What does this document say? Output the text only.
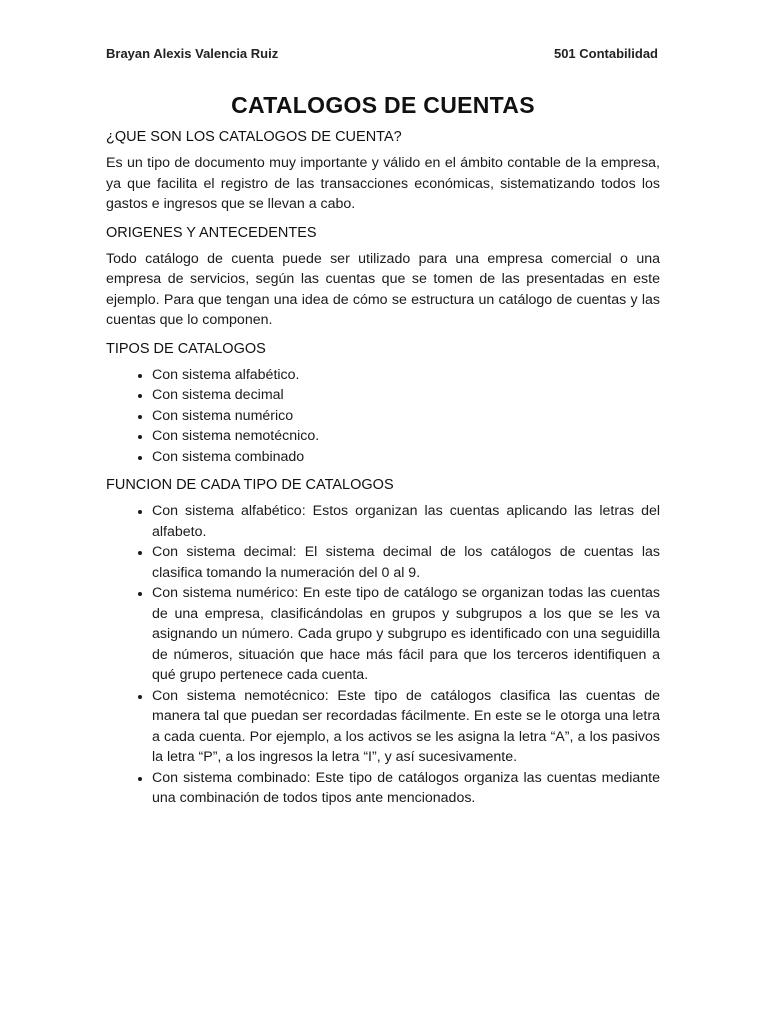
Brayan Alexis Valencia Ruiz	501 Contabilidad
CATALOGOS DE CUENTAS
¿QUE SON LOS CATALOGOS DE CUENTA?

Es un tipo de documento muy importante y válido en el ámbito contable de la empresa, ya que facilita el registro de las transacciones económicas, sistematizando todos los gastos e ingresos que se llevan a cabo.

ORIGENES Y ANTECEDENTES

Todo catálogo de cuenta puede ser utilizado para una empresa comercial o una empresa de servicios, según las cuentas que se tomen de las presentadas en este ejemplo. Para que tengan una idea de cómo se estructura un catálogo de cuentas y las cuentas que lo componen.

TIPOS DE CATALOGOS
• Con sistema alfabético.
• Con sistema decimal
• Con sistema numérico
• Con sistema nemotécnico.
• Con sistema combinado
FUNCION DE CADA TIPO DE CATALOGOS
• Con sistema alfabético: Estos organizan las cuentas aplicando las letras del alfabeto.
• Con sistema decimal: El sistema decimal de los catálogos de cuentas las clasifica tomando la numeración del 0 al 9.
• Con sistema numérico: En este tipo de catálogo se organizan todas las cuentas de una empresa, clasificándolas en grupos y subgrupos a los que se les va asignando un número. Cada grupo y subgrupo es identificado con una seguidilla de números, situación que hace más fácil para que los terceros identifiquen a qué grupo pertenece cada cuenta.
• Con sistema nemotécnico: Este tipo de catálogos clasifica las cuentas de manera tal que puedan ser recordadas fácilmente. En este se le otorga una letra a cada cuenta. Por ejemplo, a los activos se les asigna la letra “A”, a los pasivos la letra “P”, a los ingresos la letra “I”, y así sucesivamente.
• Con sistema combinado: Este tipo de catálogos organiza las cuentas mediante una combinación de todos tipos ante mencionados.
